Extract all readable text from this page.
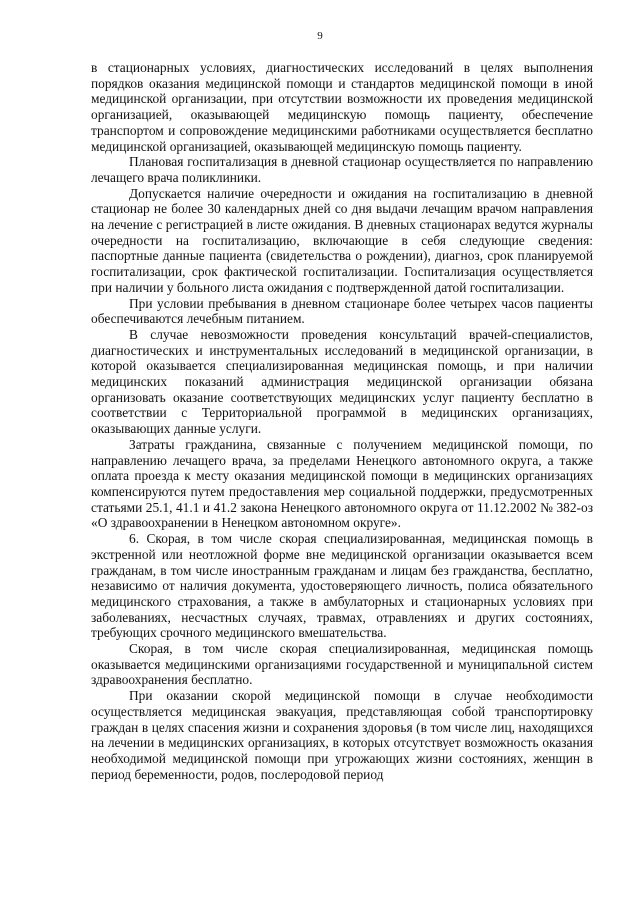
9

в стационарных условиях, диагностических исследований в целях выполнения порядков оказания медицинской помощи и стандартов медицинской помощи в иной медицинской организации, при отсутствии возможности их проведения медицинской организацией, оказывающей медицинскую помощь пациенту, обеспечение транспортом и сопровождение медицинскими работниками осуществляется бесплатно медицинской организацией, оказывающей медицинскую помощь пациенту.

Плановая госпитализация в дневной стационар осуществляется по направлению лечащего врача поликлиники.

Допускается наличие очередности и ожидания на госпитализацию в дневной стационар не более 30 календарных дней со дня выдачи лечащим врачом направления на лечение с регистрацией в листе ожидания. В дневных стационарах ведутся журналы очередности на госпитализацию, включающие в себя следующие сведения: паспортные данные пациента (свидетельства о рождении), диагноз, срок планируемой госпитализации, срок фактической госпитализации. Госпитализация осуществляется при наличии у больного листа ожидания с подтвержденной датой госпитализации.

При условии пребывания в дневном стационаре более четырех часов пациенты обеспечиваются лечебным питанием.

В случае невозможности проведения консультаций врачей-специалистов, диагностических и инструментальных исследований в медицинской организации, в которой оказывается специализированная медицинская помощь, и при наличии медицинских показаний администрация медицинской организации обязана организовать оказание соответствующих медицинских услуг пациенту бесплатно в соответствии с Территориальной программой в медицинских организациях, оказывающих данные услуги.

Затраты гражданина, связанные с получением медицинской помощи, по направлению лечащего врача, за пределами Ненецкого автономного округа, а также оплата проезда к месту оказания медицинской помощи в медицинских организациях компенсируются путем предоставления мер социальной поддержки, предусмотренных статьями 25.1, 41.1 и 41.2 закона Ненецкого автономного округа от 11.12.2002 № 382-оз «О здравоохранении в Ненецком автономном округе».

6. Скорая, в том числе скорая специализированная, медицинская помощь в экстренной или неотложной форме вне медицинской организации оказывается всем гражданам, в том числе иностранным гражданам и лицам без гражданства, бесплатно, независимо от наличия документа, удостоверяющего личность, полиса обязательного медицинского страхования, а также в амбулаторных и стационарных условиях при заболеваниях, несчастных случаях, травмах, отравлениях и других состояниях, требующих срочного медицинского вмешательства.

Скорая, в том числе скорая специализированная, медицинская помощь оказывается медицинскими организациями государственной и муниципальной систем здравоохранения бесплатно.

При оказании скорой медицинской помощи в случае необходимости осуществляется медицинская эвакуация, представляющая собой транспортировку граждан в целях спасения жизни и сохранения здоровья (в том числе лиц, находящихся на лечении в медицинских организациях, в которых отсутствует возможность оказания необходимой медицинской помощи при угрожающих жизни состояниях, женщин в период беременности, родов, послеродовой период
